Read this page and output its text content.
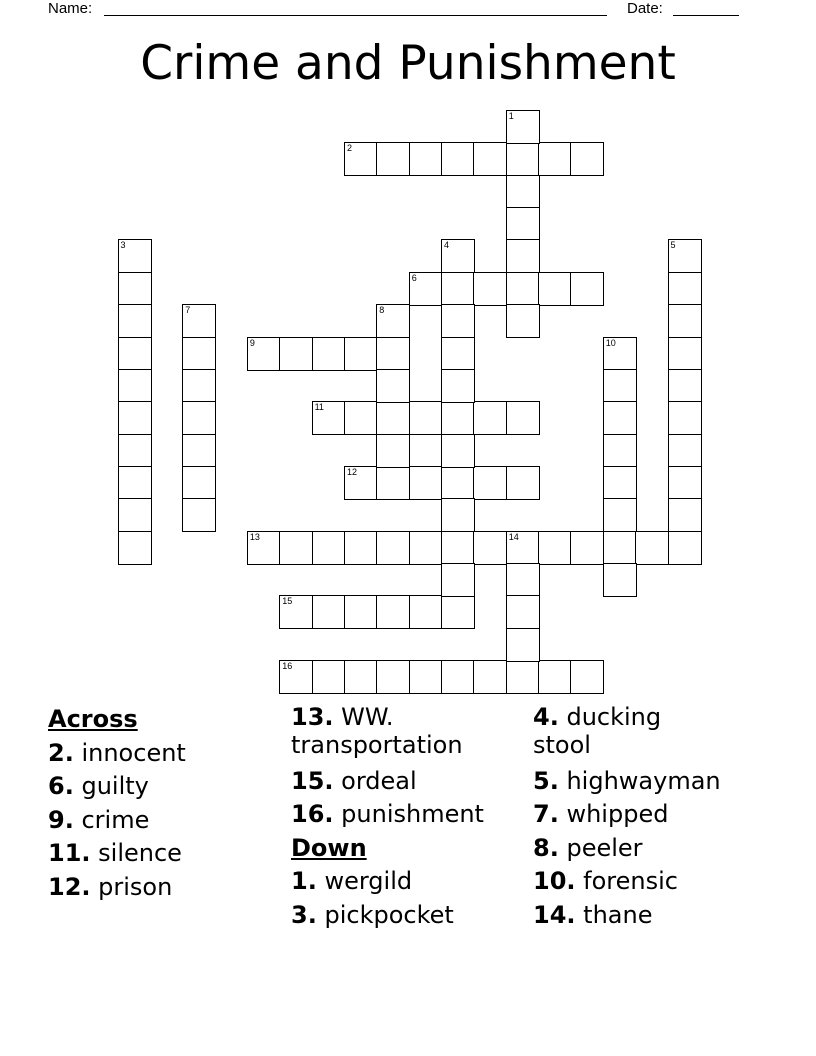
Name:	Date:
Crime and Punishment
2
6
9
11
12
13	14
15
16
1
3	4	5
7	8
10
Across
2. innocent
6. guilty
9. crime
11. silence
12. prison
13. WW. transportation
15. ordeal
16. punishment
Down
1. wergild
3. pickpocket
4. ducking stool
5. highwayman
7. whipped
8. peeler
10. forensic
14. thane
